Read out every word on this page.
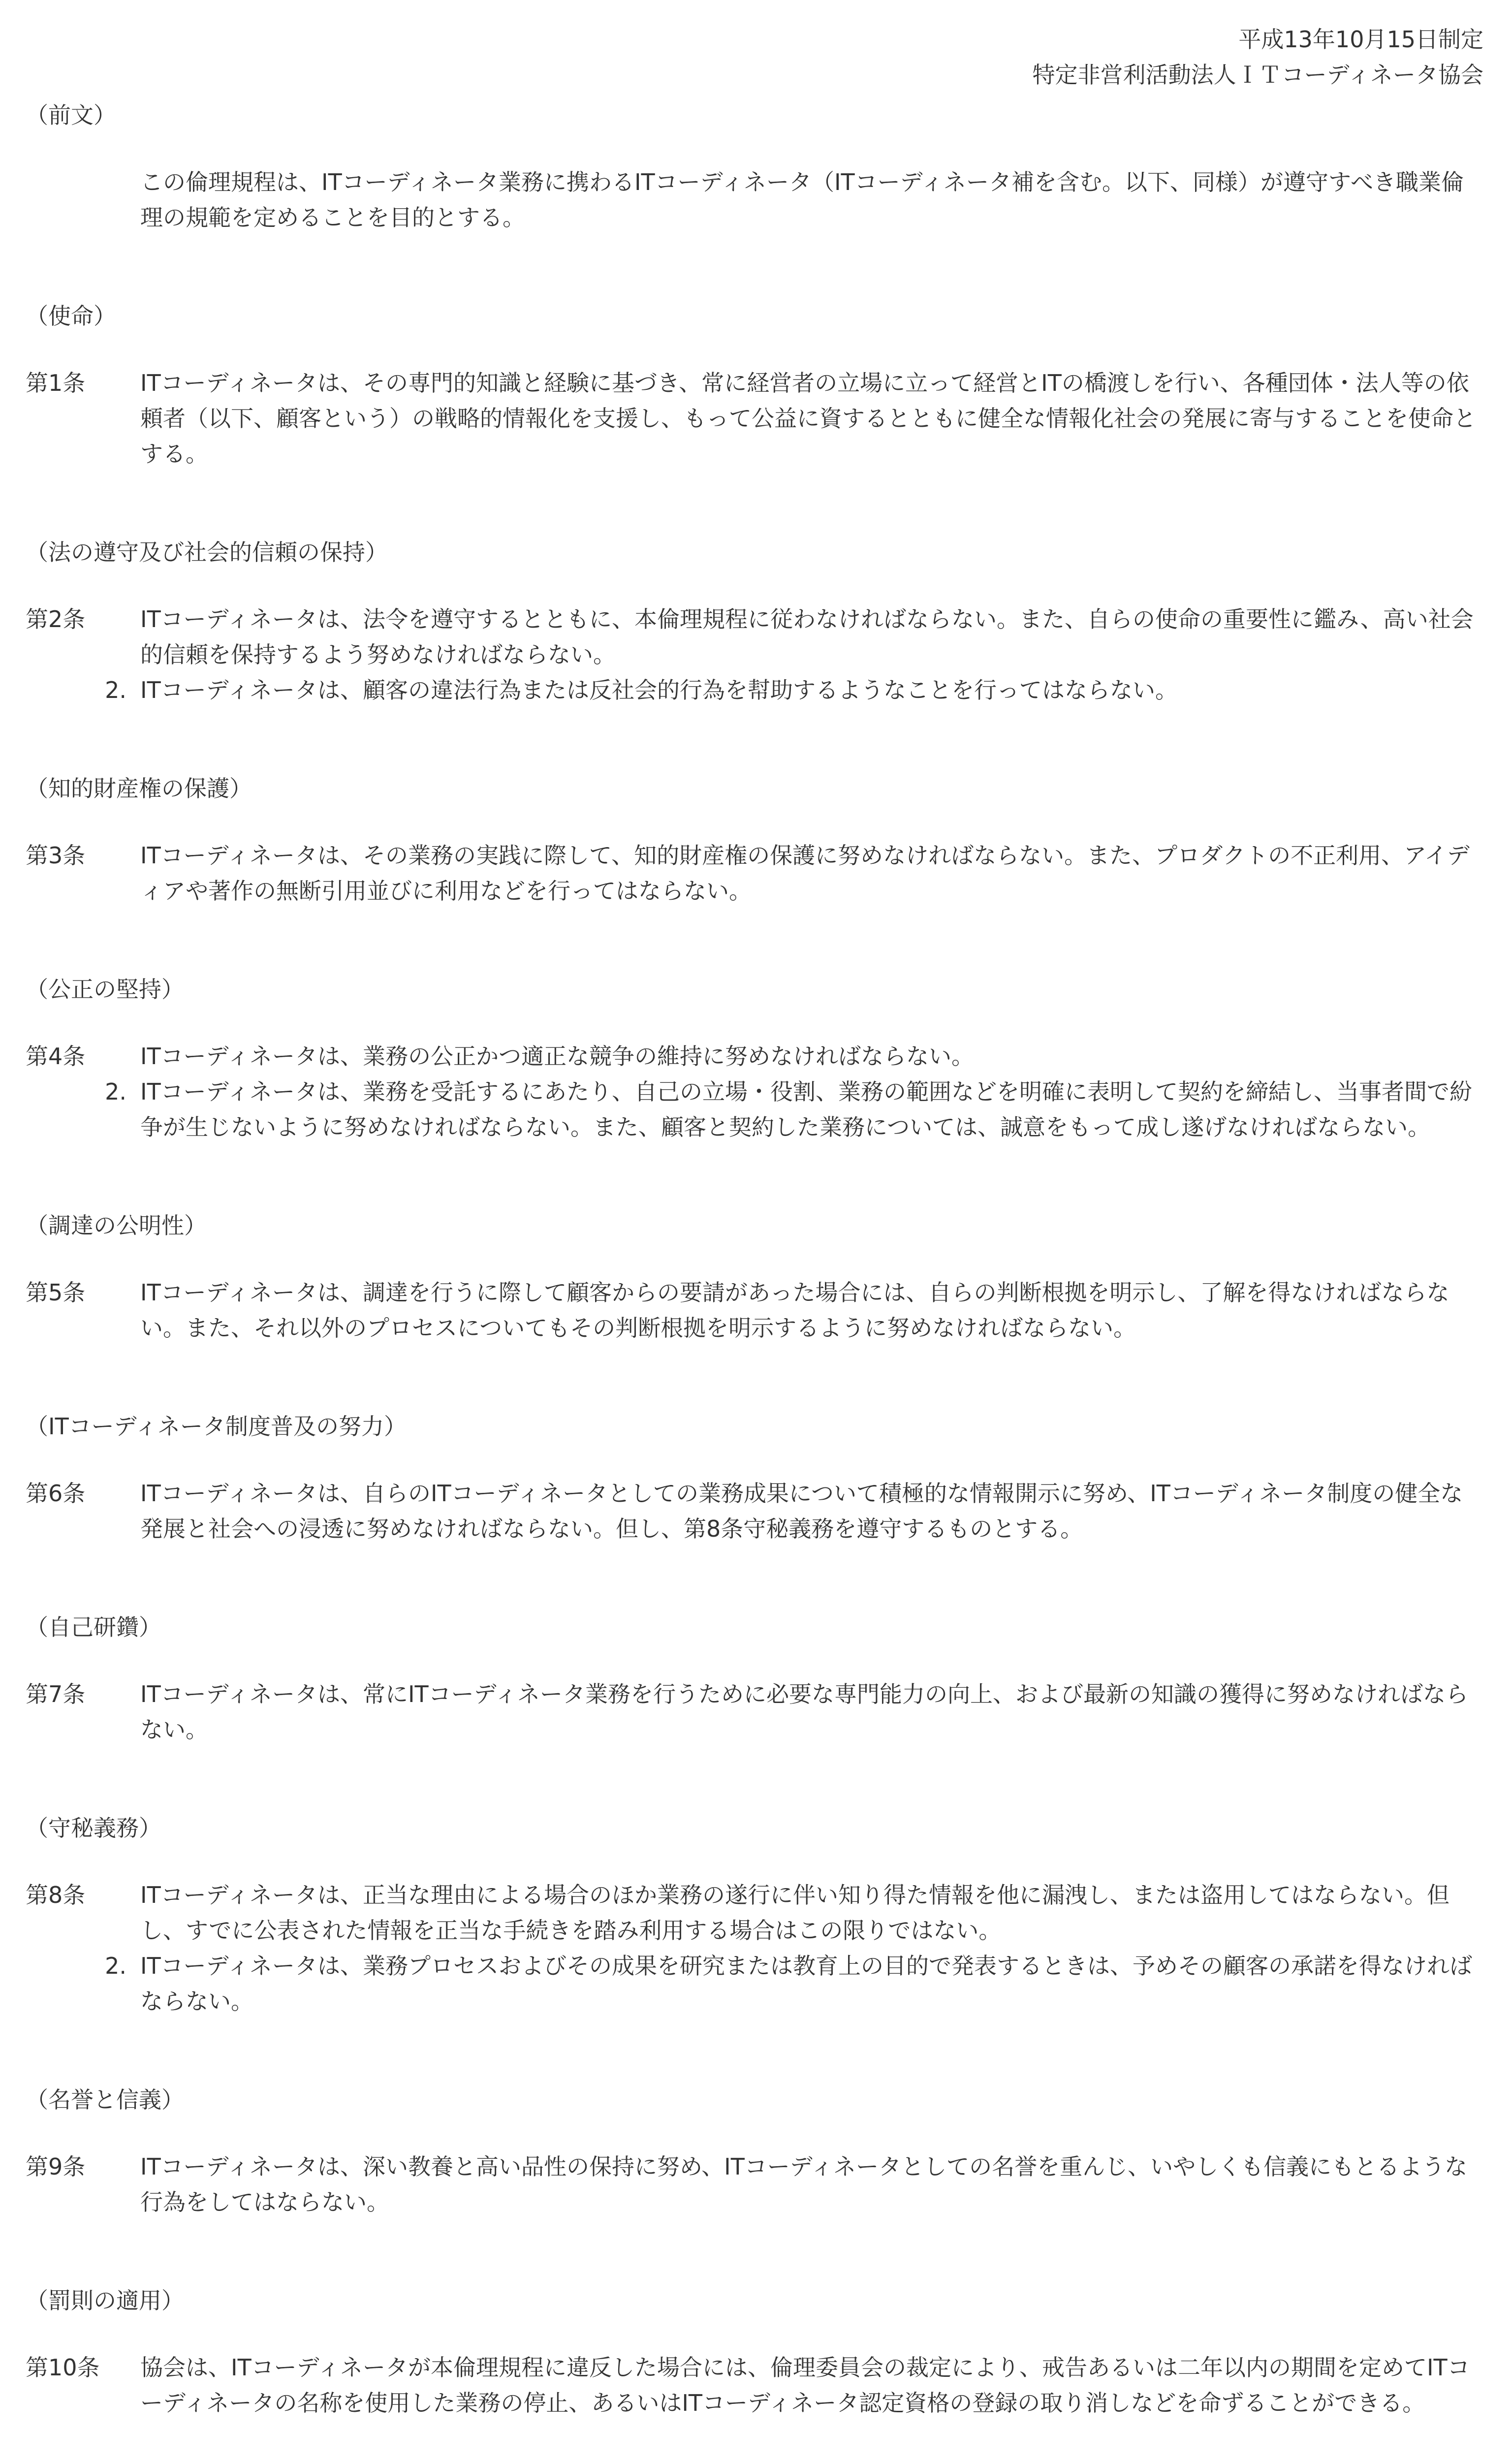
平成13年10月15日制定
特定非営利活動法人ＩＴコーディネータ協会
（前文）
この倫理規程は、ITコーディネータ業務に携わるITコーディネータ（ITコーディネータ補を含む。以下、同様）が遵守すべき職業倫理の規範を定めることを目的とする。
（使命）
第1条	ITコーディネータは、その専門的知識と経験に基づき、常に経営者の立場に立って経営とITの橋渡しを行い、各種団体・法人等の依頼者（以下、顧客という）の戦略的情報化を支援し、もって公益に資するとともに健全な情報化社会の発展に寄与することを使命とする。
（法の遵守及び社会的信頼の保持）
第2条	ITコーディネータは、法令を遵守するとともに、本倫理規程に従わなければならない。また、自らの使命の重要性に鑑み、高い社会的信頼を保持するよう努めなければならない。
2. ITコーディネータは、顧客の違法行為または反社会的行為を幇助するようなことを行ってはならない。
（知的財産権の保護）
第3条	ITコーディネータは、その業務の実践に際して、知的財産権の保護に努めなければならない。また、プロダクトの不正利用、アイディアや著作の無断引用並びに利用などを行ってはならない。
（公正の堅持）
第4条	ITコーディネータは、業務の公正かつ適正な競争の維持に努めなければならない。
2. ITコーディネータは、業務を受託するにあたり、自己の立場・役割、業務の範囲などを明確に表明して契約を締結し、当事者間で紛争が生じないように努めなければならない。また、顧客と契約した業務については、誠意をもって成し遂げなければならない。
（調達の公明性）
第5条	ITコーディネータは、調達を行うに際して顧客からの要請があった場合には、自らの判断根拠を明示し、了解を得なければならない。また、それ以外のプロセスについてもその判断根拠を明示するように努めなければならない。
（ITコーディネータ制度普及の努力）
第6条	ITコーディネータは、自らのITコーディネータとしての業務成果について積極的な情報開示に努め、ITコーディネータ制度の健全な発展と社会への浸透に努めなければならない。但し、第8条守秘義務を遵守するものとする。
（自己研鑽）
第7条	ITコーディネータは、常にITコーディネータ業務を行うために必要な専門能力の向上、および最新の知識の獲得に努めなければならない。
（守秘義務）
第8条	ITコーディネータは、正当な理由による場合のほか業務の遂行に伴い知り得た情報を他に漏洩し、または盗用してはならない。但し、すでに公表された情報を正当な手続きを踏み利用する場合はこの限りではない。
2. ITコーディネータは、業務プロセスおよびその成果を研究または教育上の目的で発表するときは、予めその顧客の承諾を得なければならない。
（名誉と信義）
第9条	ITコーディネータは、深い教養と高い品性の保持に努め、ITコーディネータとしての名誉を重んじ、いやしくも信義にもとるような行為をしてはならない。
（罰則の適用）
第10条	協会は、ITコーディネータが本倫理規程に違反した場合には、倫理委員会の裁定により、戒告あるいは二年以内の期間を定めてITコーディネータの名称を使用した業務の停止、あるいはITコーディネータ認定資格の登録の取り消しなどを命ずることができる。
